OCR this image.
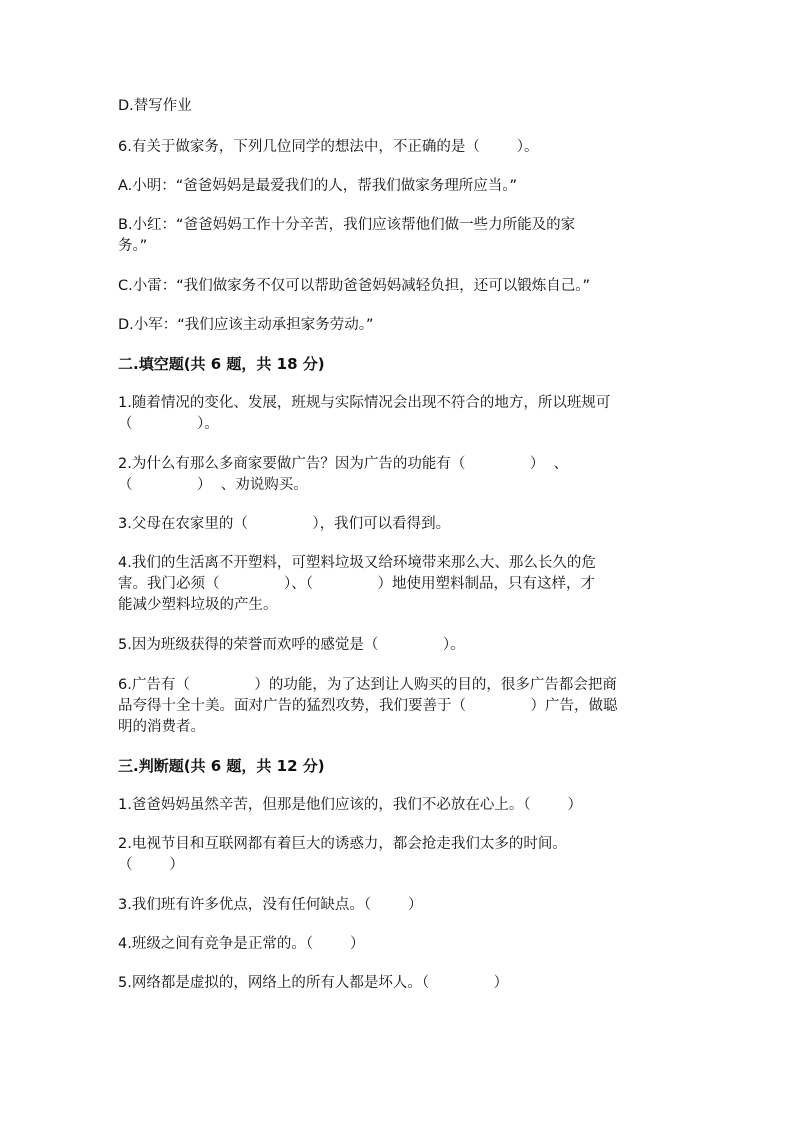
D.替写作业
6.有关于做家务，下列几位同学的想法中，不正确的是（        ）。
A.小明：“爸爸妈妈是最爱我们的人，帮我们做家务理所应当。”
B.小红：“爸爸妈妈工作十分辛苦，我们应该帮他们做一些力所能及的家
务。”
C.小雷：“我们做家务不仅可以帮助爸爸妈妈减轻负担，还可以锻炼自己。”
D.小军：“我们应该主动承担家务劳动。”
二.填空题(共 6 题，共 18 分)
1.随着情况的变化、发展，班规与实际情况会出现不符合的地方，所以班规可
（              ）。
2.为什么有那么多商家要做广告？因为广告的功能有（              ）  、
（              ）  、劝说购买。
3.父母在农家里的（              ），我们可以看得到。
4.我们的生活离不开塑料，可塑料垃圾又给环境带来那么大、那么长久的危
害。我门必须（              ）、（              ）地使用塑料制品，只有这样，才
能减少塑料垃圾的产生。
5.因为班级获得的荣誉而欢呼的感觉是（              ）。
6.广告有（              ）的功能，为了达到让人购买的目的，很多广告都会把商
品夸得十全十美。面对广告的猛烈攻势，我们要善于（              ）广告，做聪
明的消费者。
三.判断题(共 6 题，共 12 分)
1.爸爸妈妈虽然辛苦，但那是他们应该的，我们不必放在心上。（        ）
2.电视节目和互联网都有着巨大的诱惑力，都会抢走我们太多的时间。
（        ）
3.我们班有许多优点，没有任何缺点。（        ）
4.班级之间有竞争是正常的。（        ）
5.网络都是虚拟的，网络上的所有人都是坏人。（              ）
